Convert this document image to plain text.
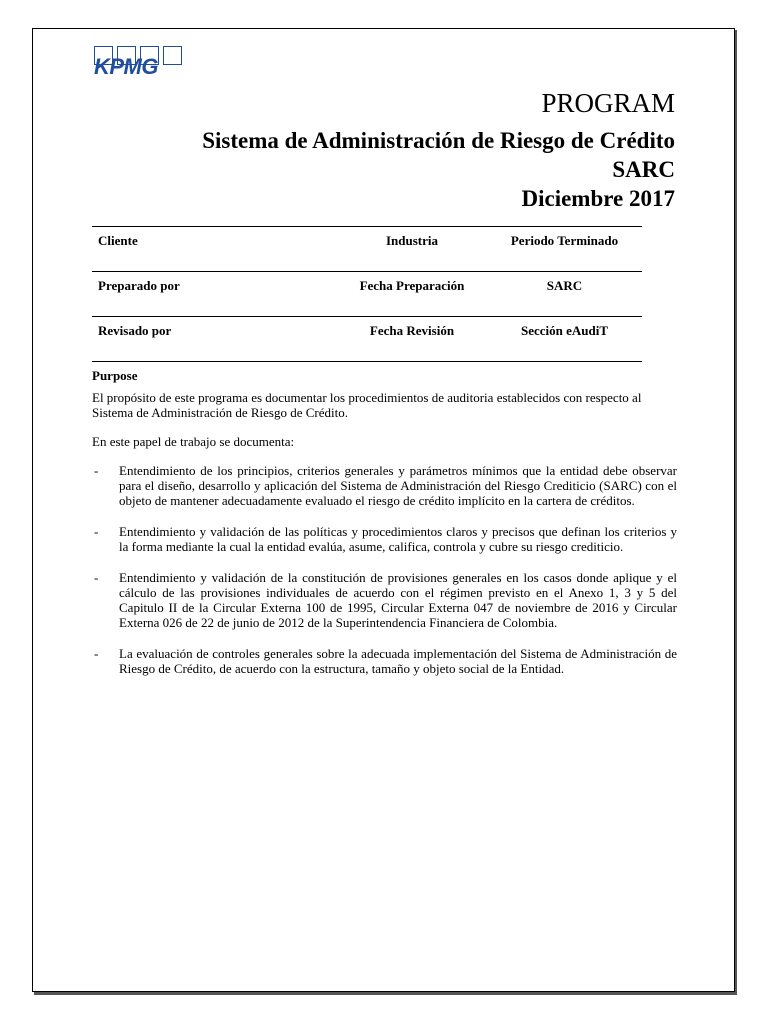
KPMG
PROGRAM
Sistema de Administración de Riesgo de Crédito
SARC
Diciembre 2017
Cliente	Industria	Periodo Terminado
Preparado por	Fecha Preparación	SARC
Revisado por	Fecha Revisión	Sección eAudiT

Purpose

El propósito de este programa es documentar los procedimientos de auditoria establecidos con respecto al Sistema de Administración de Riesgo de Crédito.

En este papel de trabajo se documenta:

- Entendimiento de los principios, criterios generales y parámetros mínimos que la entidad debe observar para el diseño, desarrollo y aplicación del Sistema de Administración del Riesgo Crediticio (SARC) con el objeto de mantener adecuadamente evaluado el riesgo de crédito implícito en la cartera de créditos.
- Entendimiento y validación de las políticas y procedimientos claros y precisos que definan los criterios y la forma mediante la cual la entidad evalúa, asume, califica, controla y cubre su riesgo crediticio.
- Entendimiento y validación de la constitución de provisiones generales en los casos donde aplique y el cálculo de las provisiones individuales de acuerdo con el régimen previsto en el Anexo 1, 3 y 5 del Capitulo II de la Circular Externa 100 de 1995, Circular Externa 047 de noviembre de 2016 y Circular Externa 026 de 22 de junio de 2012 de la Superintendencia Financiera de Colombia.
- La evaluación de controles generales sobre la adecuada implementación del Sistema de Administración de Riesgo de Crédito, de acuerdo con la estructura, tamaño y objeto social de la Entidad.
